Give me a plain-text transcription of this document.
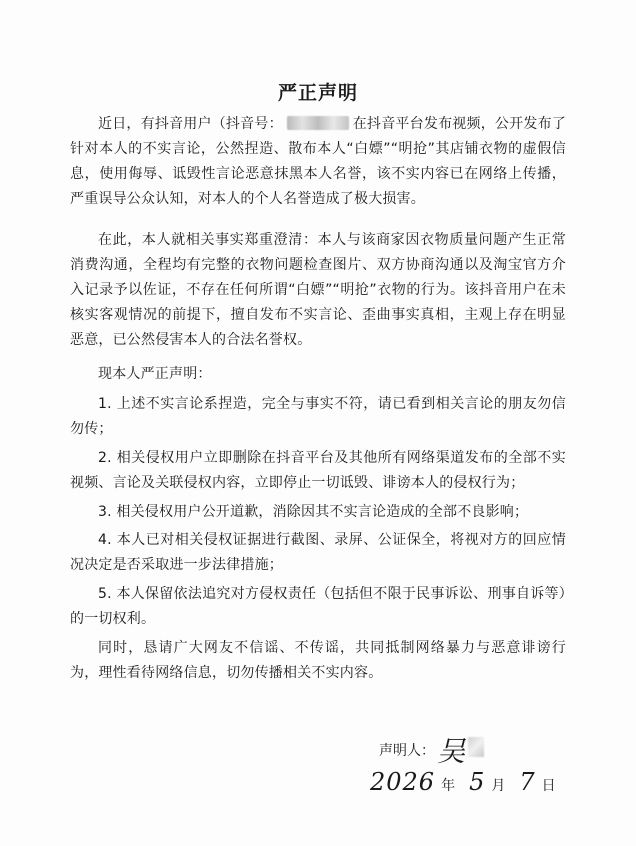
严正声明

近日，有抖音用户（抖音号：	在抖音平台发布视频，公开发布了针对本人的不实言论，公然捏造、散布本人“白嫖”“明抢”其店铺衣物的虚假信息，使用侮辱、诋毁性言论恶意抹黑本人名誉，该不实内容已在网络上传播，严重误导公众认知，对本人的个人名誉造成了极大损害。

在此，本人就相关事实郑重澄清：本人与该商家因衣物质量问题产生正常消费沟通，全程均有完整的衣物问题检查图片、双方协商沟通以及淘宝官方介入记录予以佐证，不存在任何所谓“白嫖”“明抢”衣物的行为。该抖音用户在未核实客观情况的前提下，擅自发布不实言论、歪曲事实真相，主观上存在明显恶意，已公然侵害本人的合法名誉权。

现本人严正声明：

1. 上述不实言论系捏造，完全与事实不符，请已看到相关言论的朋友勿信勿传；

2. 相关侵权用户立即删除在抖音平台及其他所有网络渠道发布的全部不实视频、言论及关联侵权内容，立即停止一切诋毁、诽谤本人的侵权行为；

3. 相关侵权用户公开道歉，消除因其不实言论造成的全部不良影响；

4. 本人已对相关侵权证据进行截图、录屏、公证保全，将视对方的回应情况决定是否采取进一步法律措施；

5. 本人保留依法追究对方侵权责任（包括但不限于民事诉讼、刑事自诉等）的一切权利。

同时，恳请广大网友不信谣、不传谣，共同抵制网络暴力与恶意诽谤行为，理性看待网络信息，切勿传播相关不实内容。

声明人：吴
2026 年 5 月 7 日
